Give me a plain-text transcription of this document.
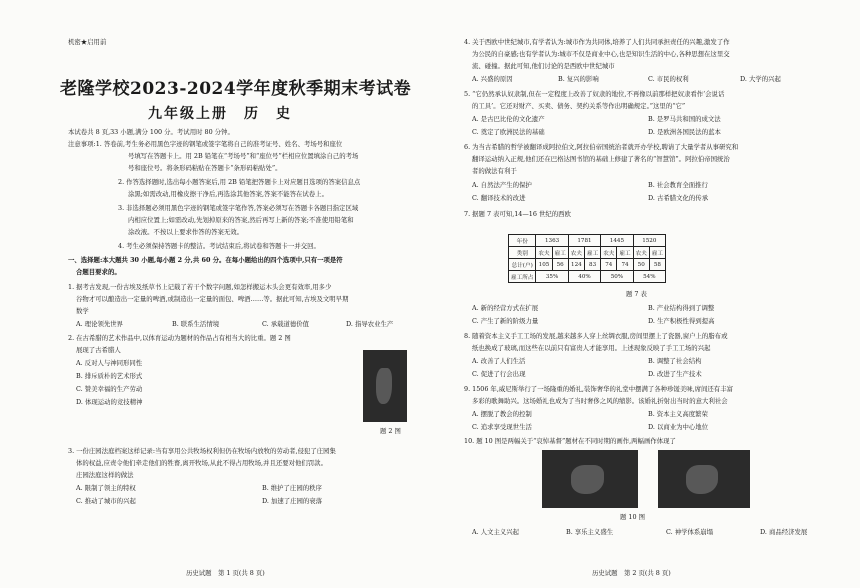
机密★启用前
老隆学校2023-2024学年度秋季期末考试卷
九年级上册　历　史
本试卷共 8 页,33 小题,满分 100 分。考试用时 80 分钟。
注意事项:1. 答卷前,考生务必用黑色字迹的钢笔或签字笔将自己的准考证号、姓名、考场号和座位
号填写在答题卡上。用 2B 铅笔在“考场号”和“座位号”栏相应位置填涂自己的考场
号和座位号。将条形码粘贴在答题卡“条形码粘贴处”。
2. 作答选择题时,选出每小题答案后,用 2B 铅笔把答题卡上对应题目选项的答案信息点
涂黑;如需改动,用橡皮擦干净后,再选涂其他答案,答案不能答在试卷上。
3. 非选择题必须用黑色字迹的钢笔或签字笔作答,答案必须写在答题卡各题目指定区域
内相应位置上;如需改动,先划掉原来的答案,然后再写上新的答案;不准使用铅笔和
涂改液。不按以上要求作答的答案无效。
4. 考生必须保持答题卡的整洁。考试结束后,将试卷和答题卡一并交回。
一、选择题:本大题共 30 小题,每小题 2 分,共 60 分。在每小题给出的四个选项中,只有一项是符
合题目要求的。
1. 据考古发现,一份古埃及纸草书上记载了若干个数字问题,如怎样搬运木头会更有效率,用多少
谷物才可以酿造出一定量的啤酒,或制造出一定量的面包、啤酒……等。据此可知,古埃及文明早期
数学
A. 理论领先世界	B. 联系生活情境	C. 承载道德价值	D. 指导农业生产
2. 在古希腊的艺术作品中,以体育运动为题材的作品占有相当大的比重。题 2 图
展现了古希腊人
A. 反对人与神同形同性
B. 排斥质朴的艺术形式
C. 赞美幸福的生产劳动
D. 体现运动的竞技精神
题 2 图
3. 一份庄园法庭档案这样记录:当有享用公共牧场权利但仍在牧场内放牧的劳动者,侵犯了庄园集
体的权益,应责令他们牵走他们的牲畜,离开牧场,从此不得占用牧场,并且还要对他们罚款。
庄园法庭这样的做法
A. 限制了领主的特权	B. 维护了庄园的秩序
C. 推动了城市的兴起	D. 加速了庄园的衰落
历史试题　第 1 页(共 8 页)
4. 关于西欧中世纪城市,有学者认为:城市作为共同体,培养了人们共同承担责任的兴趣,激发了作
为公民的自豪感;也有学者认为:城市不仅是商业中心,也是知识生活的中心,各种思想在这里交
流、碰撞。据此可知,他们讨论的是西欧中世纪城市
A. 兴盛的原因	B. 复兴的影响	C. 市民的权利	D. 大学的兴起
5. “它仍然承认奴隶制,但在一定程度上改善了奴隶的地位,不再像以前那样把奴隶看作‘会说话
的工具’。它还对财产、买卖、债务、契约关系等作出明确规定。”这里的“它”
A. 是古巴比伦的文化遗产	B. 是罗马共和国的成文法
C. 奠定了欧洲民法的基础	D. 是欧洲各国民法的蓝本
6. 为当古希腊的哲学被翻译成阿拉伯文,阿拉伯帝国统治者就开办学校,聘请了大量学者从事研究和
翻译运动纳入正规,他们还在巴格达图书馆的基础上修建了著名的“智慧馆”。阿拉伯帝国统治
者的做法有利于
A. 自然法产生的保护	B. 社会教育全面推行
C. 翻译技术的改进	D. 古希腊文化的传承
7. 据题 7 表可知,14—16 世纪的西欧
题 7 表
A. 新的经营方式在扩展	B. 产业结构得到了调整
C. 产生了新的阶级力量	D. 生产积极性得到提高
8. 随着资本主义手工工场的发展,越来越多人穿上丝绸衣服,房间里摆上了瓷器,窗户上的脂布或
纸也换成了玻璃,而这些在以前只有富贵人才能享用。上述现象反映了手工工场的兴起
A. 改善了人们生活	B. 调整了社会结构
C. 促进了行会出现	D. 改进了生产技术
9. 1506 年,威尼斯举行了一场隆重的婚礼,装饰奢华的礼堂中摆满了各种珍馐美味,席间还有丰富
多彩的歌舞助兴。这场婚礼也成为了当时奢侈之风的缩影。该婚礼折射出当时的意大利社会
A. 摆脱了教会的控制	B. 资本主义高度繁荣
C. 追求享受现世生活	D. 以商业为中心地位
10. 题 10 图是两幅关于“哀悼基督”题材在不同时期的画作,两幅画作体现了
题 10 图
A. 人文主义兴起	B. 享乐主义盛生	C. 神学体系崩塌	D. 商品经济发展
历史试题　第 2 页(共 8 页)
年份	1363		1781		1445		1520	
类别	农夫	雇工	农夫	雇工	农夫	雇工	农夫	雇工
总计(户)	105	56	124	83	74	74	50	58
雇工所占	35%		40%		50%		54%	
